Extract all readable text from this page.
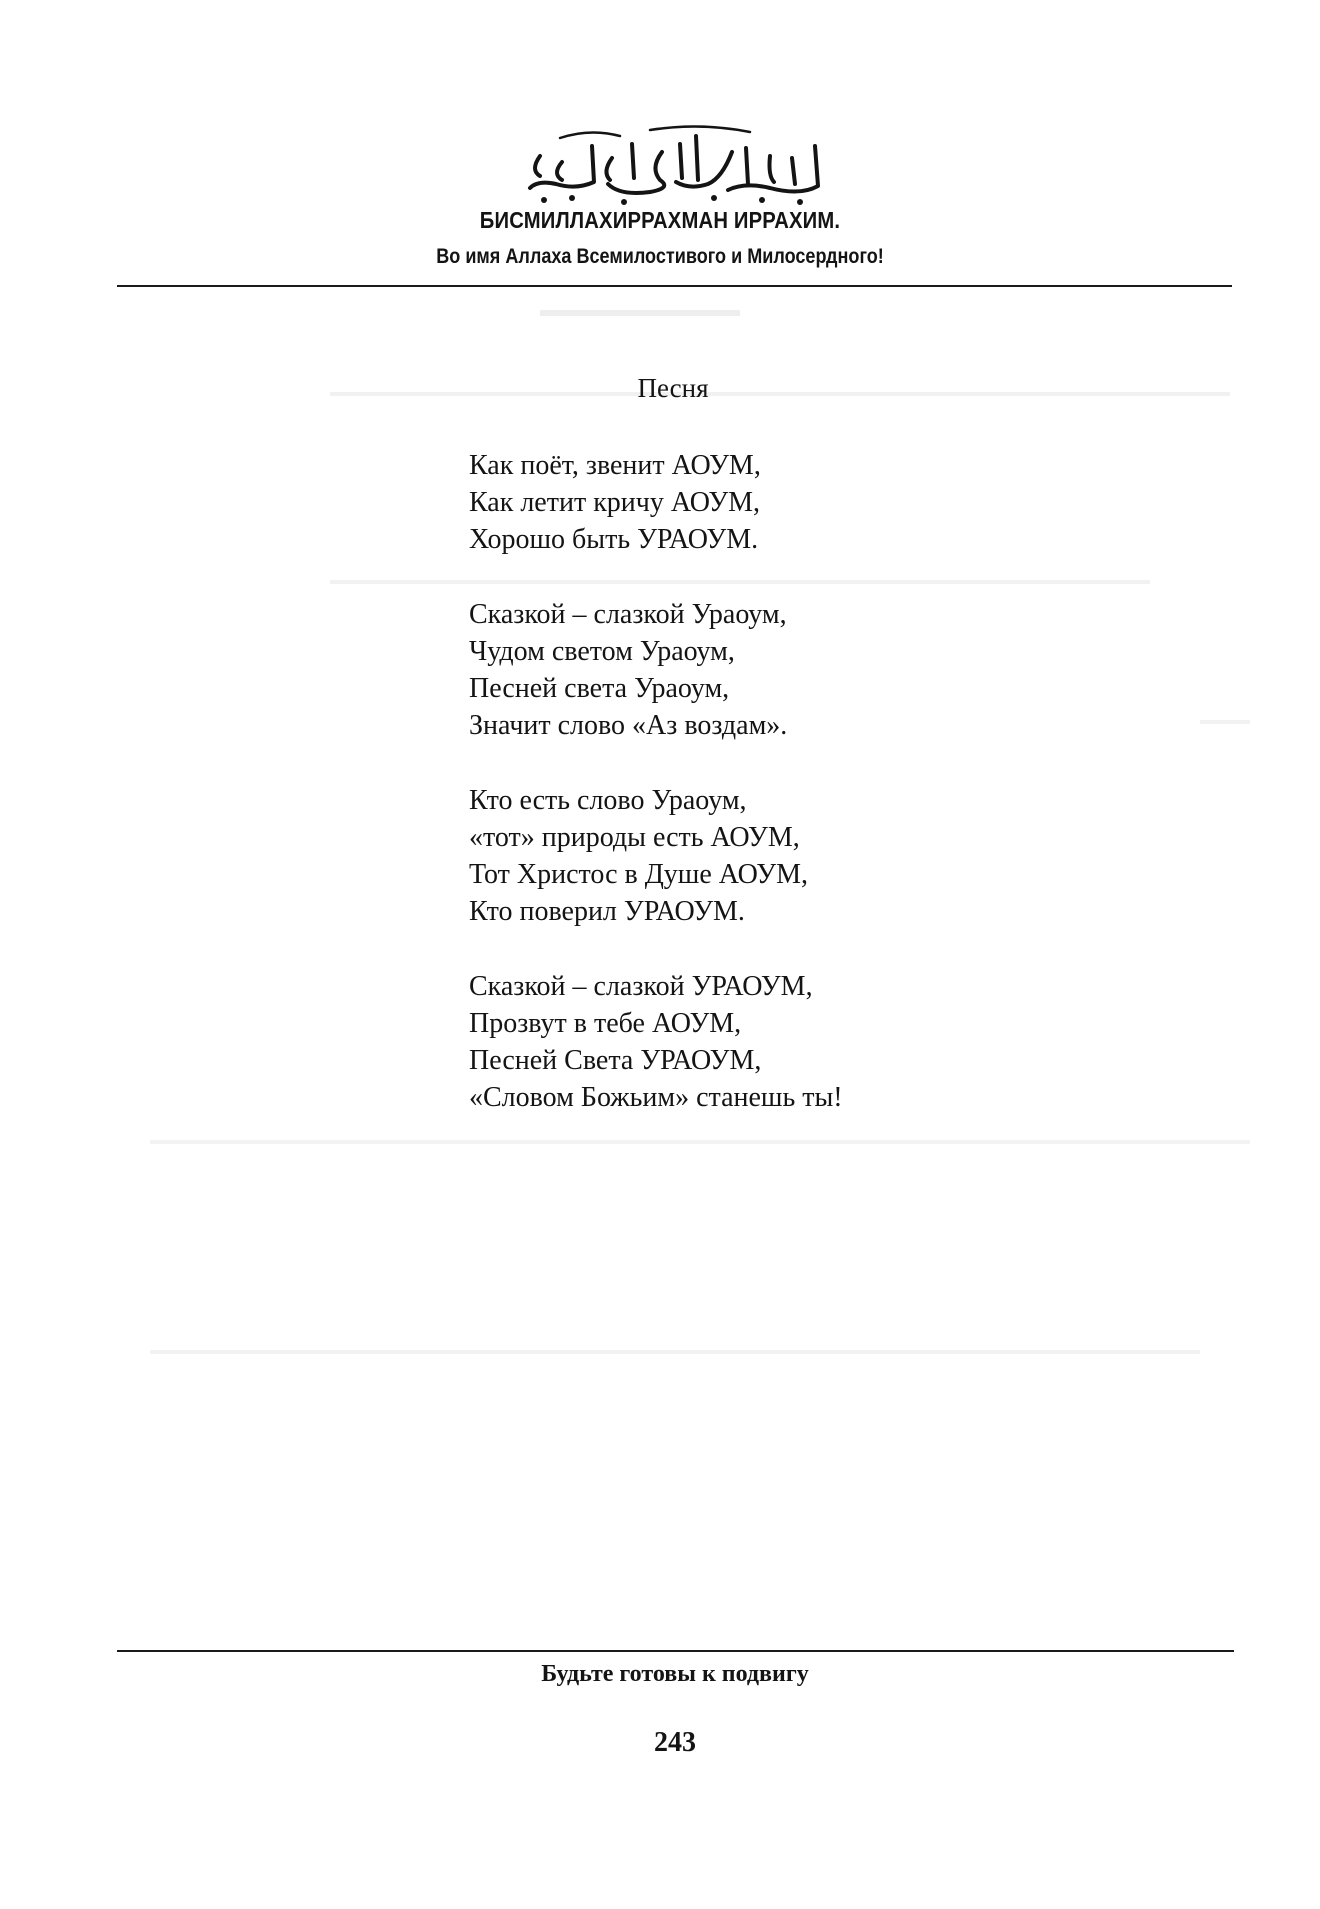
БИСМИЛЛАХИРРАХМАН ИРРАХИМ.
Во имя Аллаха Всемилостивого и Милосердного!
Песня
Как поёт, звенит АОУМ,
Как летит кричу АОУМ,
Хорошо быть УРАОУМ.
Сказкой – слазкой Ураоум,
Чудом светом Ураоум,
Песней света Ураоум,
Значит слово «Аз воздам».
Кто есть слово Ураоум,
«тот» природы есть АОУМ,
Тот Христос в Душе АОУМ,
Кто поверил УРАОУМ.
Сказкой – слазкой УРАОУМ,
Прозвут в тебе АОУМ,
Песней Света УРАОУМ,
«Словом Божьим» станешь ты!
Будьте готовы к подвигу
243
